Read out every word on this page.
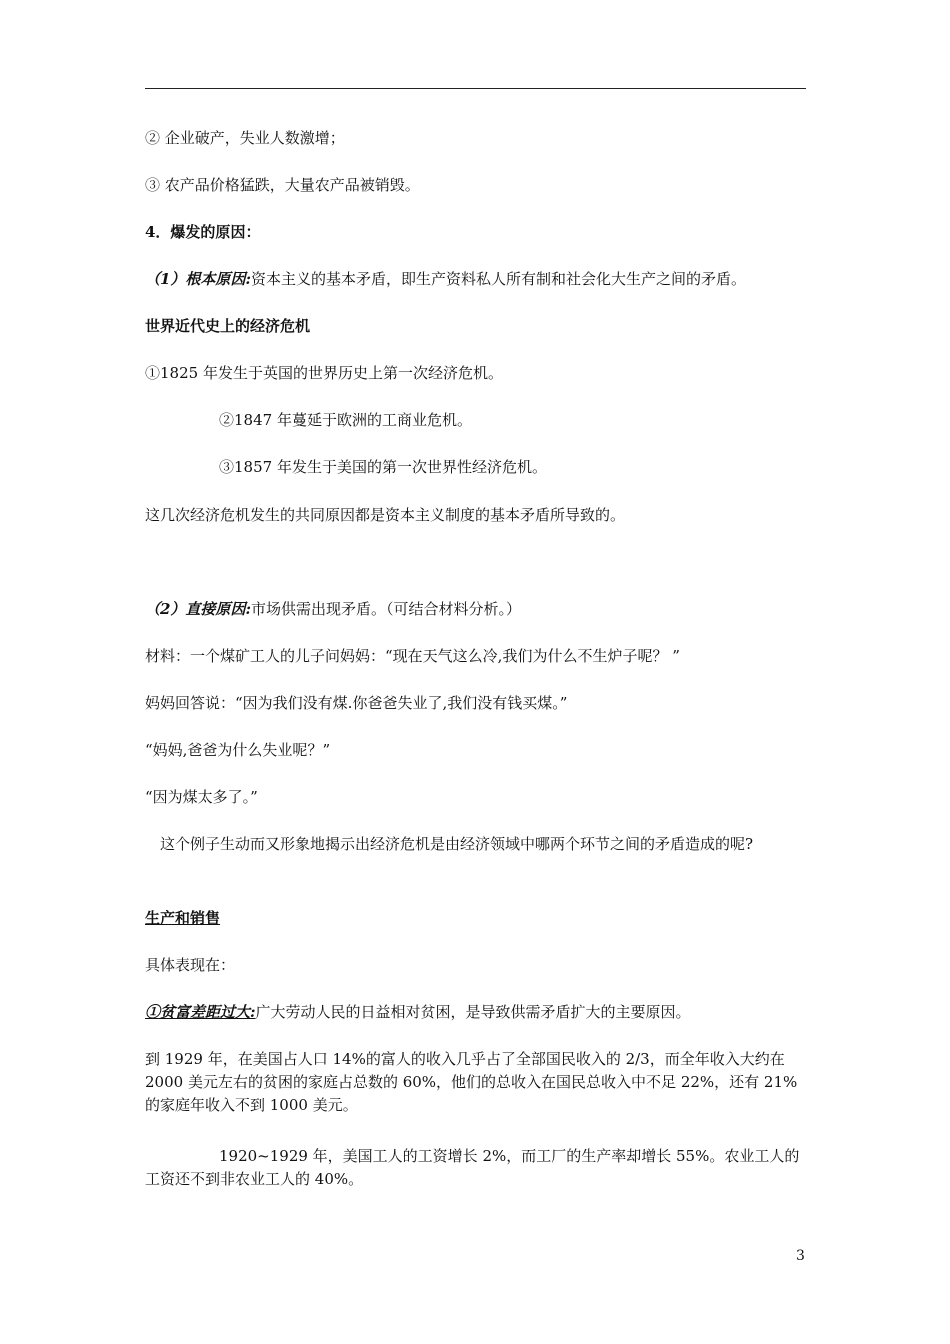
② 企业破产，失业人数激增；
③ 农产品价格猛跌，大量农产品被销毁。
4．爆发的原因：
（1）根本原因:资本主义的基本矛盾，即生产资料私人所有制和社会化大生产之间的矛盾。
世界近代史上的经济危机
①1825 年发生于英国的世界历史上第一次经济危机。
②1847 年蔓延于欧洲的工商业危机。
③1857 年发生于美国的第一次世界性经济危机。
这几次经济危机发生的共同原因都是资本主义制度的基本矛盾所导致的。
（2）直接原因:市场供需出现矛盾。（可结合材料分析。）
材料：一个煤矿工人的儿子问妈妈：“现在天气这么冷,我们为什么不生炉子呢？ ”
妈妈回答说：“因为我们没有煤.你爸爸失业了,我们没有钱买煤。”
“妈妈,爸爸为什么失业呢？”
“因为煤太多了。”
这个例子生动而又形象地揭示出经济危机是由经济领域中哪两个环节之间的矛盾造成的呢?
生产和销售
具体表现在：
①贫富差距过大:广大劳动人民的日益相对贫困，是导致供需矛盾扩大的主要原因。
到 1929 年，在美国占人口 14%的富人的收入几乎占了全部国民收入的 2/3，而全年收入大约在 2000 美元左右的贫困的家庭占总数的 60%，他们的总收入在国民总收入中不足 22%，还有 21%的家庭年收入不到 1000 美元。
1920~1929 年，美国工人的工资增长 2%，而工厂的生产率却增长 55%。农业工人的工资还不到非农业工人的 40%。
3
